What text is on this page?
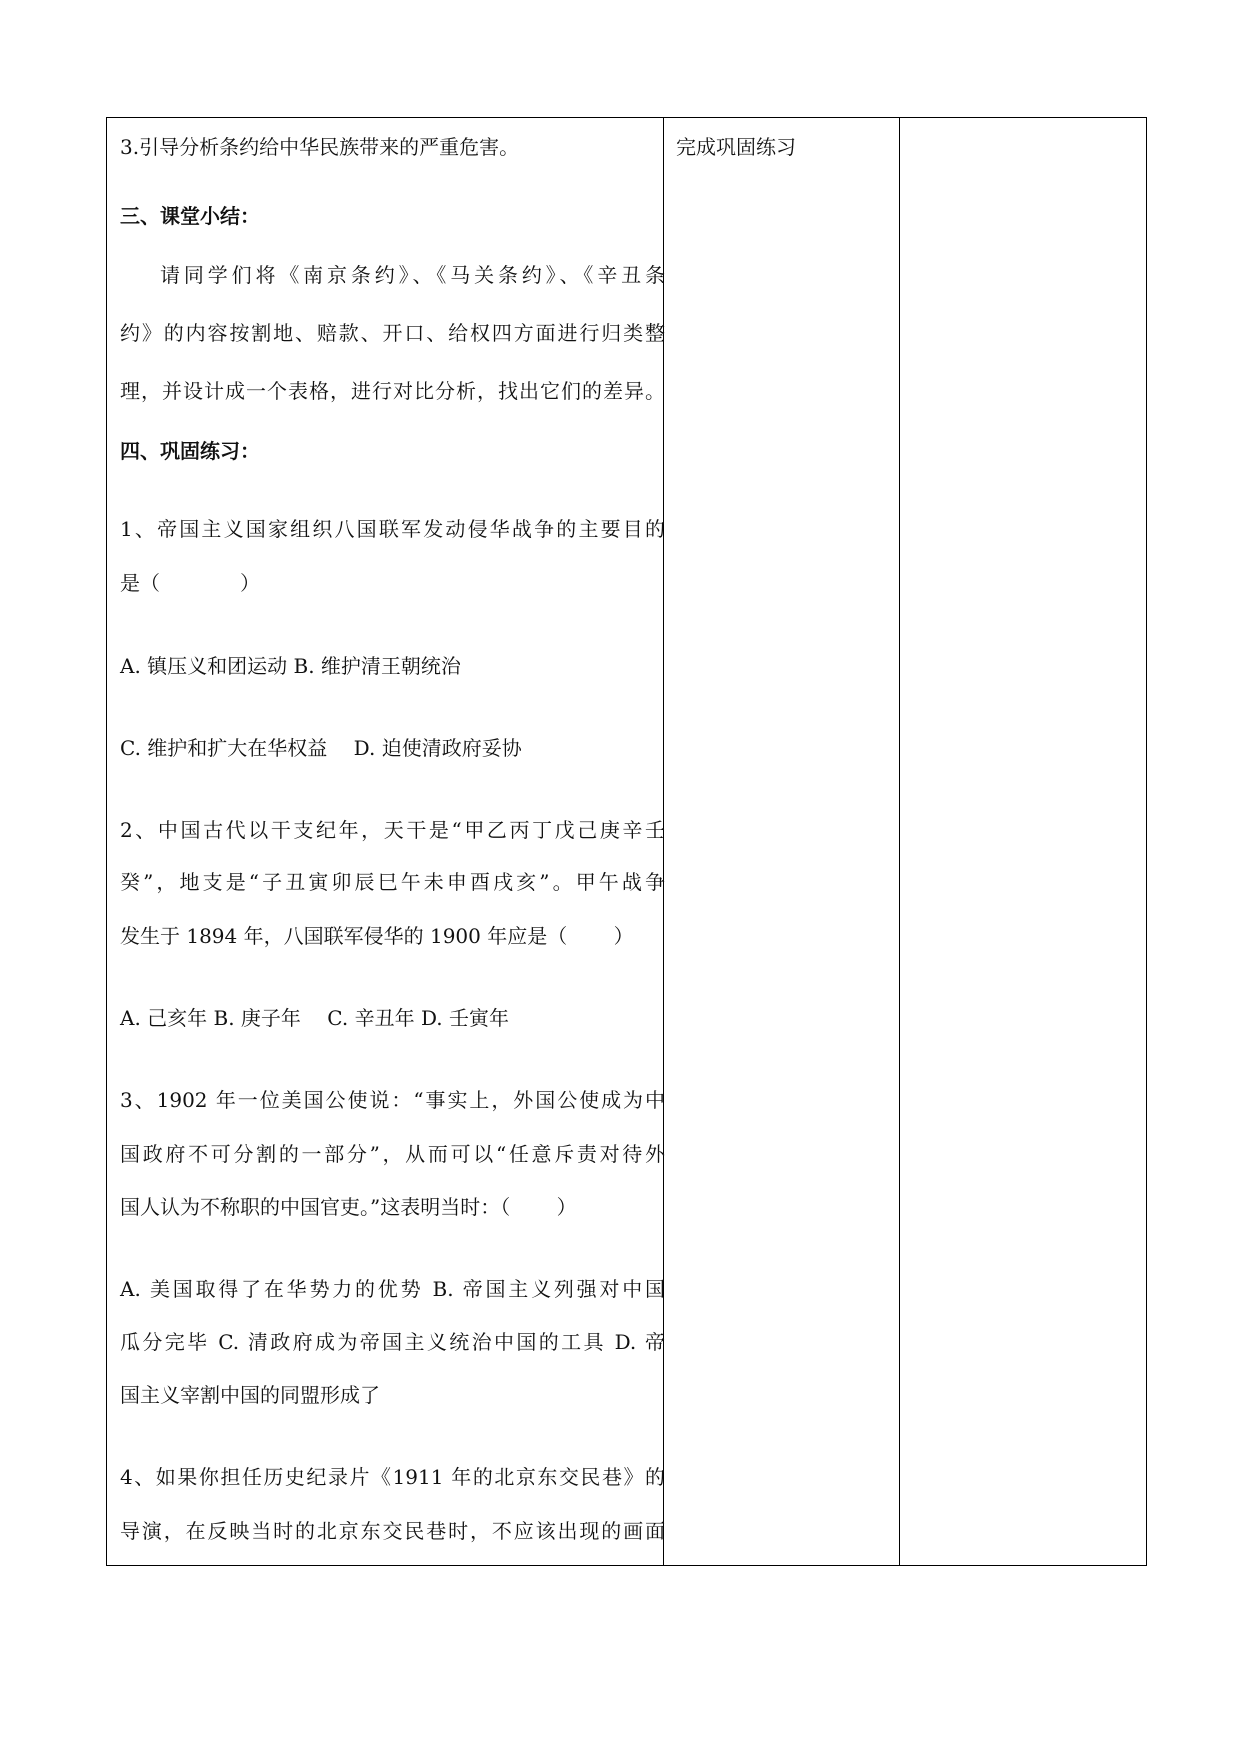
3.引导分析条约给中华民族带来的严重危害。
三、课堂小结：
请同学们将《南京条约》、《马关条约》、《辛丑条
约》的内容按割地、赔款、开口、给权四方面进行归类整
理，并设计成一个表格，进行对比分析，找出它们的差异。
四、巩固练习：
1、帝国主义国家组织八国联军发动侵华战争的主要目的
是（　　　　）
A. 镇压义和团运动 B. 维护清王朝统治
C. 维护和扩大在华权益　 D. 迫使清政府妥协
2、中国古代以干支纪年，天干是“甲乙丙丁戊己庚辛壬
癸”，地支是“子丑寅卯辰巳午未申酉戌亥”。甲午战争
发生于 1894 年，八国联军侵华的 1900 年应是（　　 ）
A. 己亥年 B. 庚子年　 C. 辛丑年 D. 壬寅年
3、1902 年一位美国公使说：“事实上，外国公使成为中
国政府不可分割的一部分”，从而可以“任意斥责对待外
国人认为不称职的中国官吏。”这表明当时：（　　 ）
A. 美国取得了在华势力的优势 B. 帝国主义列强对中国
瓜分完毕 C. 清政府成为帝国主义统治中国的工具 D. 帝
国主义宰割中国的同盟形成了
4、如果你担任历史纪录片《1911 年的北京东交民巷》的
导演，在反映当时的北京东交民巷时，不应该出现的画面
完成巩固练习
